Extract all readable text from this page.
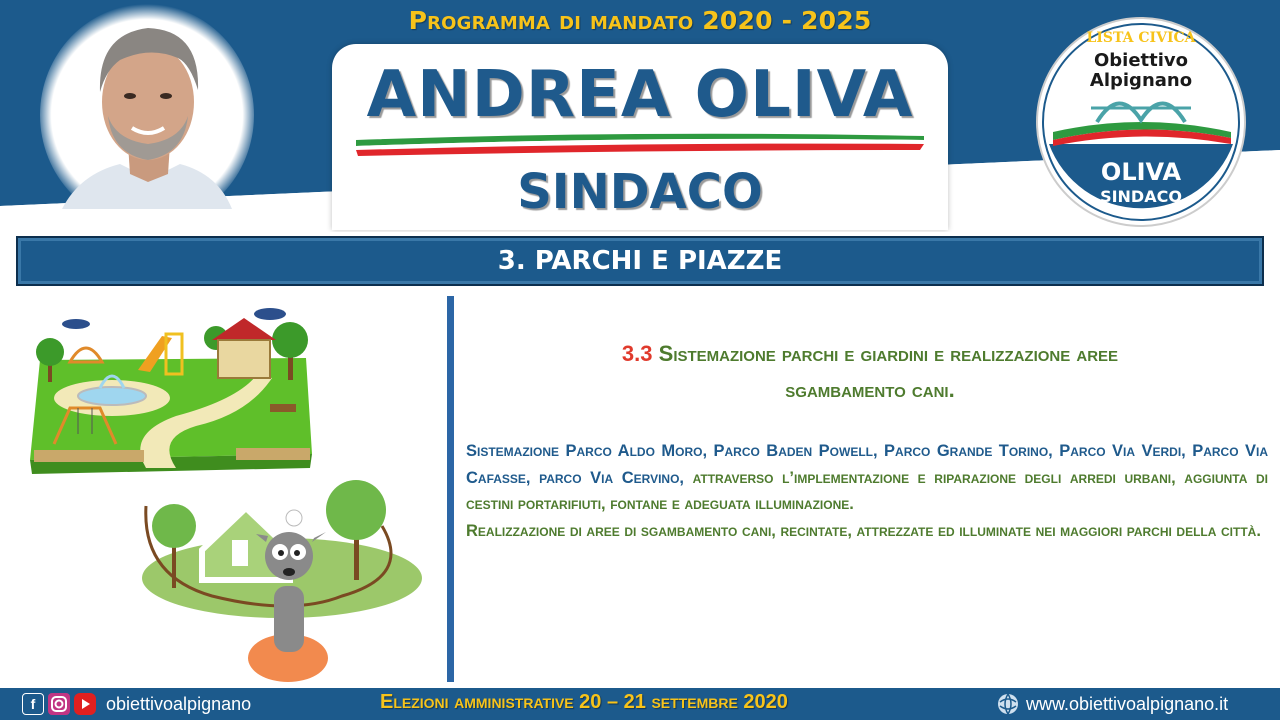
Programma di mandato 2020 - 2025
ANDREA OLIVA
SINDACO
LISTA CIVICA
Obiettivo
Alpignano
OLIVA
SINDACO
3. PARCHI E PIAZZE
3.3 Sistemazione parchi e giardini e realizzazione aree
sgambamento cani.

Sistemazione Parco Aldo Moro, Parco Baden Powell, Parco Grande Torino, Parco Via Verdi, Parco Via Cafasse, parco Via Cervino, attraverso l’implementazione e riparazione degli arredi urbani, aggiunta di cestini portarifiuti, fontane e adeguata illuminazione.

Realizzazione di aree di sgambamento cani, recintate, attrezzate ed illuminate nei maggiori parchi della città.

f	obiettivoalpignano	Elezioni amministrative 20 – 21 settembre 2020	www.obiettivoalpignano.it
